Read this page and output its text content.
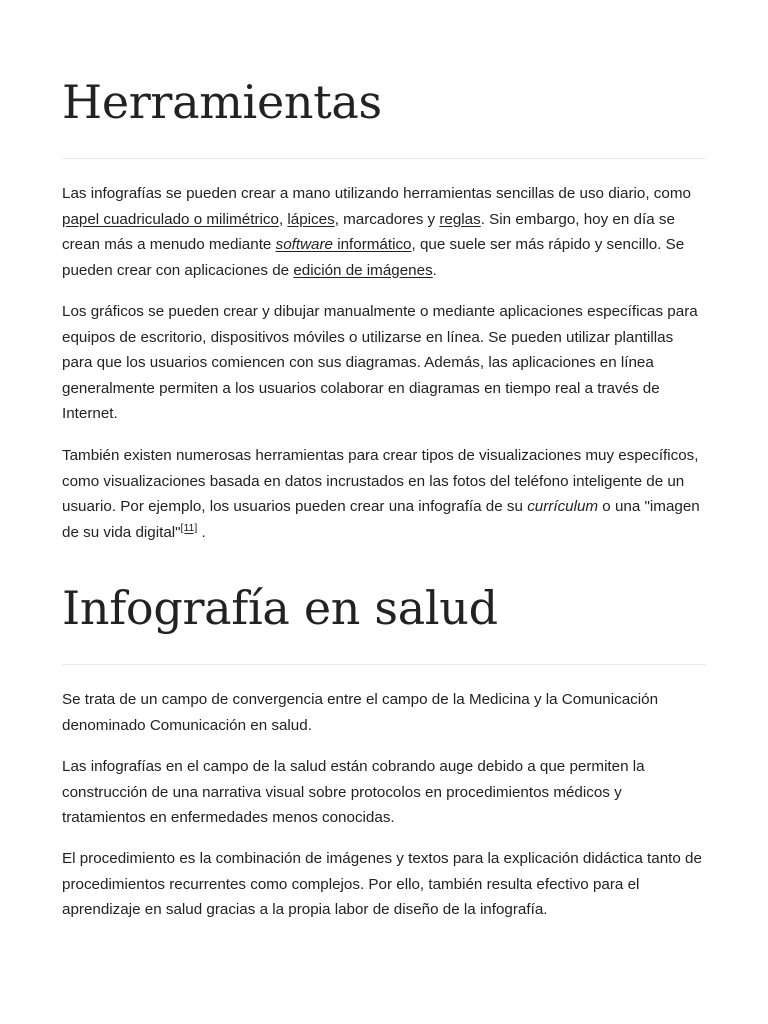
Herramientas

Las infografías se pueden crear a mano utilizando herramientas sencillas de uso diario, como papel cuadriculado o milimétrico, lápices, marcadores y reglas. Sin embargo, hoy en día se crean más a menudo mediante software informático, que suele ser más rápido y sencillo. Se pueden crear con aplicaciones de edición de imágenes.

Los gráficos se pueden crear y dibujar manualmente o mediante aplicaciones específicas para equipos de escritorio, dispositivos móviles o utilizarse en línea. Se pueden utilizar plantillas para que los usuarios comiencen con sus diagramas. Además, las aplicaciones en línea generalmente permiten a los usuarios colaborar en diagramas en tiempo real a través de Internet.

También existen numerosas herramientas para crear tipos de visualizaciones muy específicos, como visualizaciones basada en datos incrustados en las fotos del teléfono inteligente de un usuario. Por ejemplo, los usuarios pueden crear una infografía de su currículum o una "imagen de su vida digital"[11] .

Infografía en salud

Se trata de un campo de convergencia entre el campo de la Medicina y la Comunicación denominado Comunicación en salud.

Las infografías en el campo de la salud están cobrando auge debido a que permiten la construcción de una narrativa visual sobre protocolos en procedimientos médicos y tratamientos en enfermedades menos conocidas.

El procedimiento es la combinación de imágenes y textos para la explicación didáctica tanto de procedimientos recurrentes como complejos. Por ello, también resulta efectivo para el aprendizaje en salud gracias a la propia labor de diseño de la infografía.
